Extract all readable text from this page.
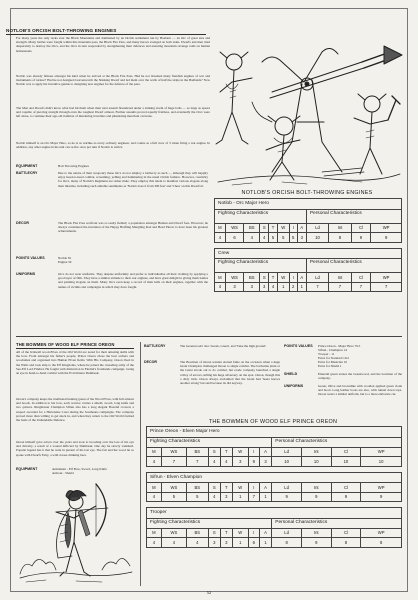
NOTLOB'S ORCISH BOLT-THROWING ENGINES
For many years the only racks ever the Black Mountains and dominated by an Orcish settlement run by Hasbarn — an Orc of great size and strength. Many battles were fought within this mountain pass, the Black Fire Pass, and many heroes avenged on both sides. Dwarfs and men tried desperately to destroy the Orcs, and the Orcs in turn responded by strengthening their defences and ensuring mountain revenge raids on human homesteads.
Notlob was already famous amongst his kind when he arrived at the Black Fire Pass. Had he not invented many fiendish engines of war and instruments of torture? Had he not designed Gravenwatch the Stinking Dwarf and led them over the walls of half the strips in the Badlands? Now Notlob was to apply his inventive genius to designing new engines for the defence of the pass.
The Men and Dwarfs didn't know what had hit them when their next assault floundered under a striking storm of huge bolts — as large as spears and capable of piercing straight through even the toughest Dwarf armour. Further assaults proved equally fruitless, and eventually the Orcs were left alone, to continue their age-old tradition of murdering travellers and plundering merchant caravans.
Notlob himself is an Orc Major Hero, so he is as warlike as every ordinary engineer, and counts as a full crew of 3 when firing a war engine. In addition, any other engine in his unit can re-fire once per turn if Notlob is with it.
EQUIPMENT	Bolt Throwing Engines
BATTLECRY	Due to the nature of their weaponry these Orcs do not employ a battlecry as such — although they will happily enjoy head-to-head combat, screaming, yelling and hammering in the usual Orcish fashion. However, creativity for Orcs, many of Notlob's Regiment are rather mute. They employ this talent to manifest various slogans along their missiles, including such amiable sentiments as 'Notlob does it from 300 feet' and 'Chew on this Dwarfon'.
DECOR	The Black Fire Pass warfront was so easily fielded; a population amongst Human and Dwarf foes. However, he always considered the invention of the Happy Halfling Mangling Rod and Head Pincer to have been his greatest achievements.
POINTS VALUES	Notlob 81
Engine 50
UNIFORMS	Orcs do not wear uniforms. They despise uniformity and prefer to individualise all their clothing by applying a good layer of filth. They have a similar attitude to their war engines, and have great delight in giving them names and painting slogans on them. Many Orcs even keep a record of their kills on their engines, together with the names of victims and campaigns in which they have fought.
NOTLOB'S ORCISH BOLT-THROWING ENGINES
Notlob - Orc Major Hero											
Fighting Characteristics								Personal Characteristics			
M	WS	BS	S	T	W	I	A	Ld	Int	Cl	WP
4	6	4	4	5	5	5	3	10	8	9	9

Crew											
Fighting Characteristics								Personal Characteristics			
M	WS	BS	S	T	W	I	A	Ld	Int	Cl	WP
4	3	3	3	4	1	2	1	7	7	7	7
THE BOWMEN OF WOOD ELF PRINCE OREON
All of the brinwell wood-Elves of the Old World are noted for their amazing skills with the bow. From amongst his father's people, Prince Oreon chose the best archers and woodsmen and organised into Human Elven fields. With His Company, Oreon lived in the Walls and took ship to the Elf Kingdoms, where he joined the crusading army of the Sea-Elf Lord Findrel. He fought with distinction in Findrel's frontlands campaign, losing an eye in hand-to-hand combat with the Evil minion Dumbeak.
Oreon's company keeps the traditional hunting green of the Wood Elves, with full armour and hoods. In addition to his bow, each warrior carries a shield, sword, long knife and two quivers. Ringmaster Champion Sifrun also has a long elegant Boardel crowed, a respect awarded for a Harloleine Crest during the Southeans campaigns. The company proved more than willing to get stuck in, and when they return to the Old World formed the basis of the Unhandable Defence.
Oreon himself gave action over the years and took to brooding over the loss of his eye and chivalry, a result of a wound inflicted by Dumbeak. One day he slowly vanished. Popular legend has it that he went in pursuit of his lost eye. The fair and the wood lie so spoke with Dwarfs Fairy, a wild crease drinking beer.
EQUIPMENT	Armament - Elf Bow, Sword, Long Knife
Armour - Shield
BATTLECRY	The Greenwoods' also 'Green, Green', and 'Take the high ground'.
DECOR	The Bowmen of Oreon wander eternal fame on the occasion when a huge Giant Champion challenged Oreon to single combat. The barbarian plain or the Giant strode out to do combat, but erode company launched a single volley of arrows, killing his huge adversary on the spot. Oreon, though this a dirty trick. Oreon always exclaimed that the Giant had 'beeta knows another strong' but said because its did anyway.
POINTS VALUES	Prince Oreon - Major Hero 79.5
Sifrun - Champion 14
Trooper - 11
Extra for Standard 10.2
Extra for Musician 10
Extra for Shield 1
SHIELD	Emerald green stones the Greenwood, and the bowmen of the company.
UNIFORMS	Green, Olive and brownlike with woollen applied green cloak and hood. Long leather boots are also, with tunnel down tops. Oreon wears a similar uniform, but to a more elaborate cut.
THE BOWMEN OF WOOD ELF PRINCE OREON
Prince Oreon - Elven Major Hero											
Fighting Characteristics								Personal Characteristics			
M	WS	BS	S	T	W	I	A	Ld	Int	Cl	WP
4	7	7	4	4	3	9	3	10	10	10	10

Sifrun - Elven Champion											
M	WS	BS	S	T	W	I	A	Ld	Int	Cl	WP
4	5	5	4	3	1	7	1	9	9	9	9

Trooper											
Fighting Characteristics								Personal Characteristics			
M	WS	BS	S	T	W	I	A	Ld	Int	Cl	WP
4	4	4	3	3	1	6	1	8	9	8	8
52
